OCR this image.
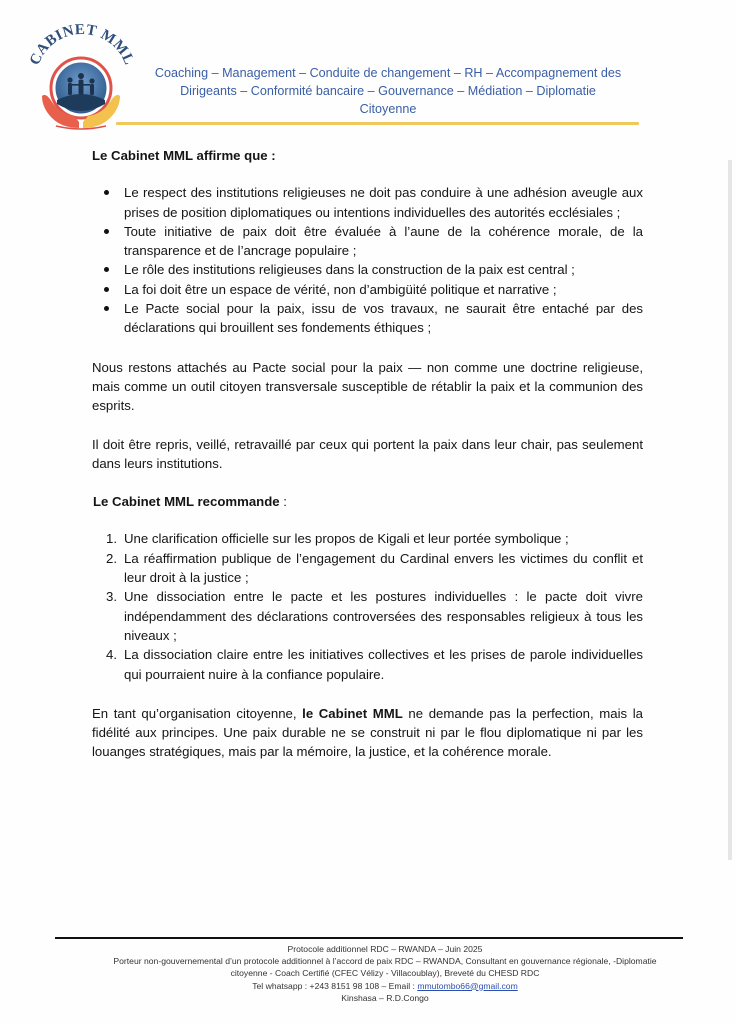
CABINET MML
Coaching – Management – Conduite de changement – RH – Accompagnement des
Dirigeants – Conformité bancaire – Gouvernance – Médiation – Diplomatie
Citoyenne
Le Cabinet MML affirme que :
Le respect des institutions religieuses ne doit pas conduire à une adhésion aveugle aux prises de position diplomatiques ou intentions individuelles des autorités ecclésiales ;
Toute initiative de paix doit être évaluée à l’aune de la cohérence morale, de la transparence et de l’ancrage populaire ;
Le rôle des institutions religieuses dans la construction de la paix est central ;
La foi doit être un espace de vérité, non d’ambigüité politique et narrative ;
Le Pacte social pour la paix, issu de vos travaux, ne saurait être entaché par des déclarations qui brouillent ses fondements éthiques ;

Nous restons attachés au Pacte social pour la paix — non comme une doctrine religieuse, mais comme un outil citoyen transversale susceptible de rétablir la paix et la communion des esprits.

Il doit être repris, veillé, retravaillé par ceux qui portent la paix dans leur chair, pas seulement dans leurs institutions.

Le Cabinet MML recommande :
1. Une clarification officielle sur les propos de Kigali et leur portée symbolique ;
2. La réaffirmation publique de l’engagement du Cardinal envers les victimes du conflit et leur droit à la justice ;
3. Une dissociation entre le pacte et les postures individuelles : le pacte doit vivre indépendamment des déclarations controversées des responsables religieux à tous les niveaux ;
4. La dissociation claire entre les initiatives collectives et les prises de parole individuelles qui pourraient nuire à la confiance populaire.

En tant qu’organisation citoyenne, le Cabinet MML ne demande pas la perfection, mais la fidélité aux principes. Une paix durable ne se construit ni par le flou diplomatique ni par les louanges stratégiques, mais par la mémoire, la justice, et la cohérence morale.

Protocole additionnel RDC – RWANDA – Juin 2025
Porteur non-gouvernemental d’un protocole additionnel à l’accord de paix RDC – RWANDA, Consultant en gouvernance régionale, -Diplomatie
citoyenne - Coach Certifié (CFEC Vélizy - Villacoublay), Breveté du CHESD RDC
Tel whatsapp : +243 8151 98 108 – Email : mmutombo66@gmail.com
Kinshasa – R.D.Congo
